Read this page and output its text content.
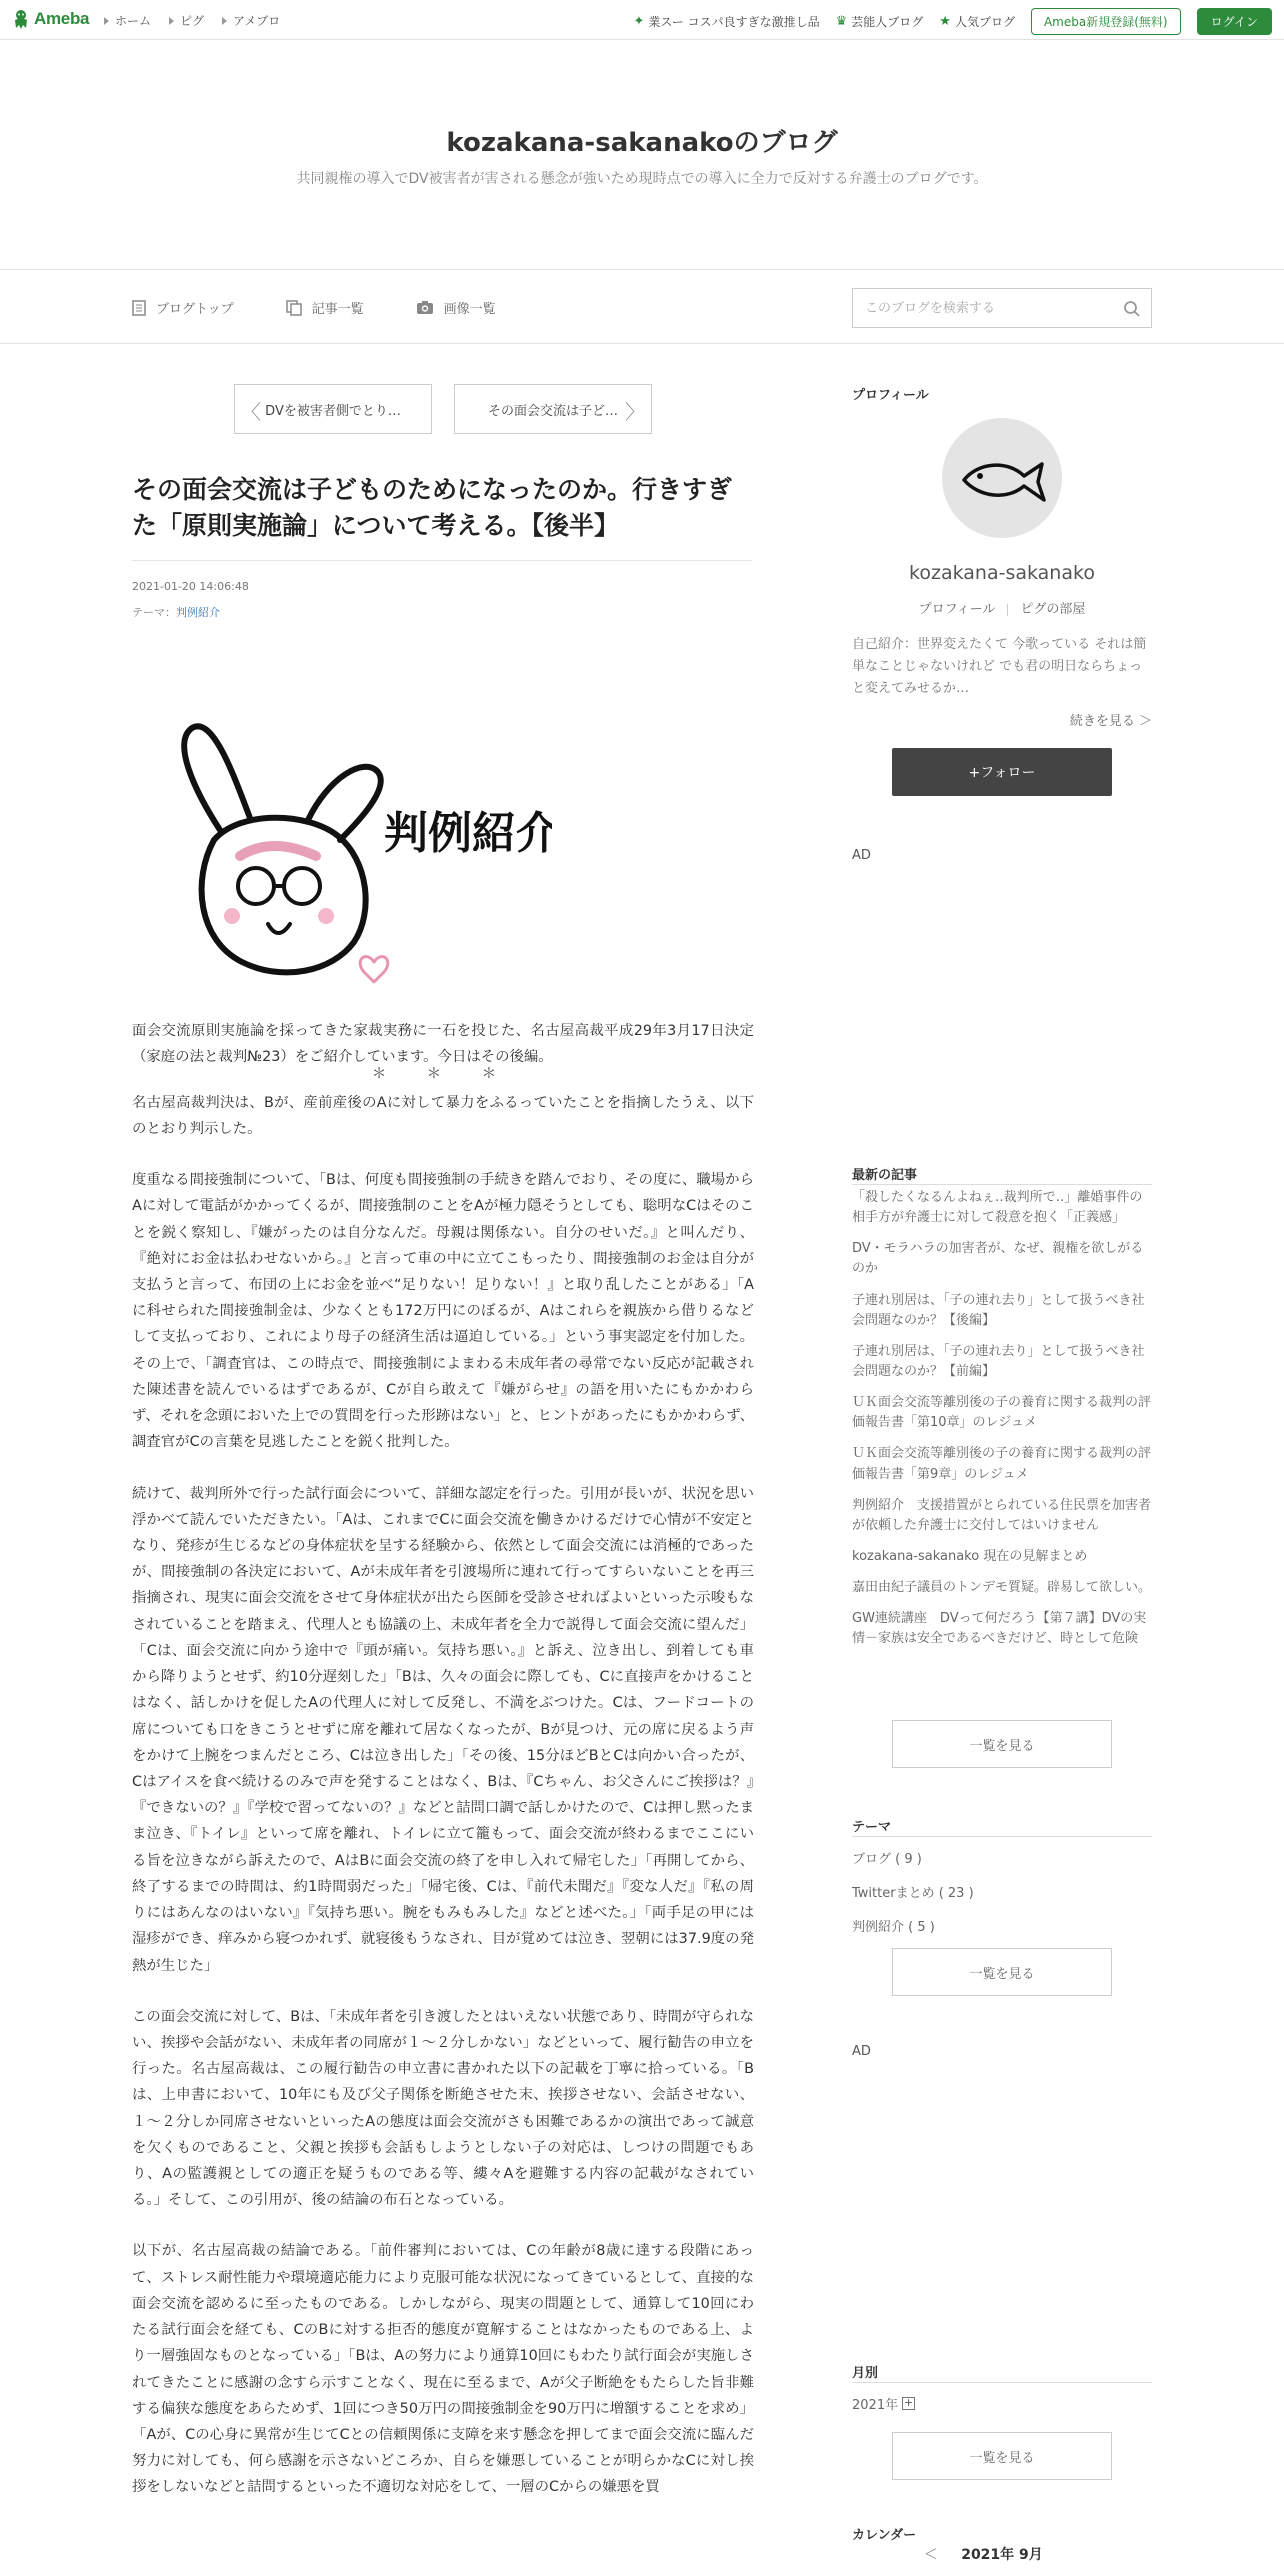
Ameba ホーム ピグ アメブロ	✦ 業スー コスパ良すぎな激推し品 ♛ 芸能人ブログ ★ 人気ブログ	Ameba新規登録(無料)	ログイン
kozakana-sakanakoのブログ
共同親権の導入でDV被害者が害される懸念が強いため現時点での導入に全力で反対する弁護士のブログです。
ブログトップ	記事一覧	画像一覧
このブログを検索する
〈 DVを被害者側でとり…	その面会交流は子ど… 〉
その面会交流は子どものためになったのか。行きすぎた「原則実施論」について考える。【後半】
2021-01-20 14:06:48
テーマ：判例紹介
判例紹介

面会交流原則実施論を採ってきた家裁実務に一石を投じた、名古屋高裁平成29年3月17日決定（家庭の法と裁判№23）をご紹介しています。今日はその後編。

＊ ＊ ＊

名古屋高裁判決は、Bが、産前産後のAに対して暴力をふるっていたことを指摘したうえ、以下のとおり判示した。

度重なる間接強制について、「Bは、何度も間接強制の手続きを踏んでおり、その度に、職場からAに対して電話がかかってくるが、間接強制のことをAが極力隠そうとしても、聡明なCはそのことを鋭く察知し、『嫌がったのは自分なんだ。母親は関係ない。自分のせいだ。』と叫んだり、『絶対にお金は払わせないから。』と言って車の中に立てこもったり、間接強制のお金は自分が支払うと言って、布団の上にお金を並べ“足りない！足りない！』と取り乱したことがある」「Aに科せられた間接強制金は、少なくとも172万円にのぼるが、Aはこれらを親族から借りるなどして支払っており、これにより母子の経済生活は逼迫している。」という事実認定を付加した。その上で、「調査官は、この時点で、間接強制によまわる未成年者の尋常でない反応が記載された陳述書を読んでいるはずであるが、Cが自ら敢えて『嫌がらせ』の語を用いたにもかかわらず、それを念頭においた上での質問を行った形跡はない」と、ヒントがあったにもかかわらず、調査官がCの言葉を見逃したことを鋭く批判した。

続けて、裁判所外で行った試行面会について、詳細な認定を行った。引用が長いが、状況を思い浮かべて読んでいただきたい。「Aは、これまでCに面会交流を働きかけるだけで心情が不安定となり、発疹が生じるなどの身体症状を呈する経験から、依然として面会交流には消極的であったが、間接強制の各決定において、Aが未成年者を引渡場所に連れて行ってすらいないことを再三指摘され、現実に面会交流をさせて身体症状が出たら医師を受診させればよいといった示唆もなされていることを踏まえ、代理人とも協議の上、未成年者を全力で説得して面会交流に望んだ」「Cは、面会交流に向かう途中で『頭が痛い。気持ち悪い。』と訴え、泣き出し、到着しても車から降りようとせず、約10分遅刻した」「Bは、久々の面会に際しても、Cに直接声をかけることはなく、話しかけを促したAの代理人に対して反発し、不満をぶつけた。Cは、フードコートの席についても口をきこうとせずに席を離れて居なくなったが、Bが見つけ、元の席に戻るよう声をかけて上腕をつまんだところ、Cは泣き出した」「その後、15分ほどBとCは向かい合ったが、Cはアイスを食べ続けるのみで声を発することはなく、Bは、『Cちゃん、お父さんにご挨拶は？』『できないの？』『学校で習ってないの？』などと詰問口調で話しかけたので、Cは押し黙ったまま泣き、『トイレ』といって席を離れ、トイレに立て籠もって、面会交流が終わるまでここにいる旨を泣きながら訴えたので、AはBに面会交流の終了を申し入れて帰宅した」「再開してから、終了するまでの時間は、約1時間弱だった」「帰宅後、Cは、『前代未聞だ』『変な人だ』『私の周りにはあんなのはいない』『気持ち悪い。腕をもみもみした』などと述べた。」「両手足の甲には湿疹ができ、痒みから寝つかれず、就寝後もうなされ、目が覚めては泣き、翌朝には37.9度の発熱が生じた」

この面会交流に対して、Bは、「未成年者を引き渡したとはいえない状態であり、時間が守られない、挨拶や会話がない、未成年者の同席が１～２分しかない」などといって、履行勧告の申立を行った。名古屋高裁は、この履行勧告の申立書に書かれた以下の記載を丁寧に拾っている。「Bは、上申書において、10年にも及び父子関係を断絶させた末、挨拶させない、会話させない、１～２分しか同席させないといったAの態度は面会交流がさも困難であるかの演出であって誠意を欠くものであること、父親と挨拶も会話もしようとしない子の対応は、しつけの問題でもあり、Aの監護親としての適正を疑うものである等、縷々Aを避難する内容の記載がなされている。」そして、この引用が、後の結論の布石となっている。

以下が、名古屋高裁の結論である。「前件審判においては、Cの年齢が8歳に達する段階にあって、ストレス耐性能力や環境適応能力により克服可能な状況になってきているとして、直接的な面会交流を認めるに至ったものである。しかしながら、現実の問題として、通算して10回にわたる試行面会を経ても、CのBに対する拒否的態度が寛解することはなかったものである上、より一層強固なものとなっている」「Bは、Aの努力により通算10回にもわたり試行面会が実施しされてきたことに感謝の念すら示すことなく、現在に至るまで、Aが父子断絶をもたらした旨非難する偏狭な態度をあらためず、1回につき50万円の間接強制金を90万円に増額することを求め」「Aが、Cの心身に異常が生じてCとの信頼関係に支障を来す懸念を押してまで面会交流に臨んだ努力に対しても、何ら感謝を示さないどころか、自らを嫌悪していることが明らかなCに対し挨拶をしないなどと詰問するといった不適切な対応をして、一層のCからの嫌悪を買

プロフィール
kozakana-sakanako
プロフィール ピグの部屋
自己紹介：世界変えたくて 今歌っている それは簡単なことじゃないけれど でも君の明日ならちょっと変えてみせるか…
続きを見る ＞
+フォロー
AD
最新の記事
「殺したくなるんよねぇ‥裁判所で‥」離婚事件の相手方が弁護士に対して殺意を抱く「正義感」
DV・モラハラの加害者が、なぜ、親権を欲しがるのか
子連れ別居は、「子の連れ去り」として扱うべき社会問題なのか？【後編】
子連れ別居は、「子の連れ去り」として扱うべき社会問題なのか？【前編】
ＵＫ面会交流等離別後の子の養育に関する裁判の評価報告書「第10章」のレジュメ
ＵＫ面会交流等離別後の子の養育に関する裁判の評価報告書「第9章」のレジュメ
判例紹介　支援措置がとられている住民票を加害者が依頼した弁護士に交付してはいけません
kozakana-sakanako 現在の見解まとめ
嘉田由紀子議員のトンデモ質疑。辟易して欲しい。
GW連続講座　DVって何だろう【第７講】DVの実情－家族は安全であるべきだけど、時として危険
一覧を見る
テーマ
ブログ ( 9 )
Twitterまとめ ( 23 )
判例紹介 ( 5 )
一覧を見る
AD
月別
2021年 +
一覧を見る
カレンダー
＜ 2021年 9月
